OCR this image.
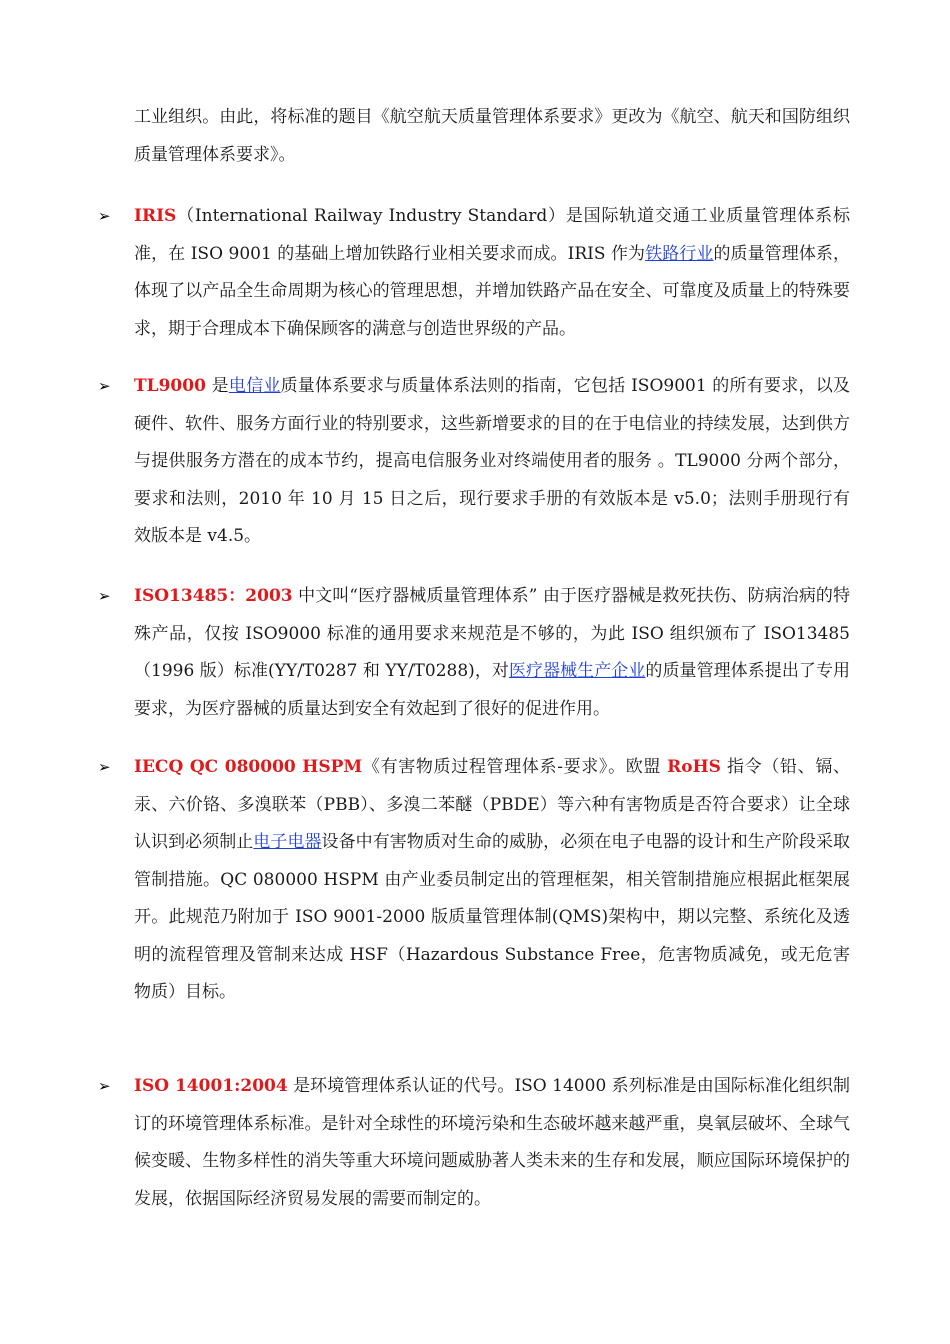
工业组织。由此，将标准的题目《航空航天质量管理体系要求》更改为《航空、航天和国防组织质量管理体系要求》。
➢	IRIS（International Railway Industry Standard）是国际轨道交通工业质量管理体系标准，在 ISO 9001 的基础上增加铁路行业相关要求而成。IRIS 作为铁路行业的质量管理体系，体现了以产品全生命周期为核心的管理思想，并增加铁路产品在安全、可靠度及质量上的特殊要求，期于合理成本下确保顾客的满意与创造世界级的产品。
➢	TL9000 是电信业质量体系要求与质量体系法则的指南，它包括 ISO9001 的所有要求，以及硬件、软件、服务方面行业的特别要求，这些新增要求的目的在于电信业的持续发展，达到供方与提供服务方潜在的成本节约，提高电信服务业对终端使用者的服务 。TL9000 分两个部分，要求和法则，2010 年 10 月 15 日之后，现行要求手册的有效版本是 v5.0；法则手册现行有效版本是 v4.5。
➢	ISO13485：2003 中文叫“医疗器械质量管理体系” 由于医疗器械是救死扶伤、防病治病的特殊产品，仅按 ISO9000 标准的通用要求来规范是不够的，为此 ISO 组织颁布了 ISO13485（1996 版）标准(YY/T0287 和 YY/T0288)，对医疗器械生产企业的质量管理体系提出了专用要求，为医疗器械的质量达到安全有效起到了很好的促进作用。
➢	IECQ QC 080000 HSPM《有害物质过程管理体系-要求》。欧盟 RoHS 指令（铅、镉、汞、六价铬、多溴联苯（PBB）、多溴二苯醚（PBDE）等六种有害物质是否符合要求）让全球认识到必须制止电子电器设备中有害物质对生命的威胁，必须在电子电器的设计和生产阶段采取管制措施。QC 080000 HSPM 由产业委员制定出的管理框架，相关管制措施应根据此框架展开。此规范乃附加于 ISO 9001-2000 版质量管理体制(QMS)架构中，期以完整、系统化及透明的流程管理及管制来达成 HSF（Hazardous Substance Free，危害物质减免，或无危害物质）目标。
➢	ISO 14001:2004 是环境管理体系认证的代号。ISO 14000 系列标准是由国际标准化组织制订的环境管理体系标准。是针对全球性的环境污染和生态破坏越来越严重，臭氧层破坏、全球气候变暖、生物多样性的消失等重大环境问题威胁著人类未来的生存和发展，顺应国际环境保护的发展，依据国际经济贸易发展的需要而制定的。
